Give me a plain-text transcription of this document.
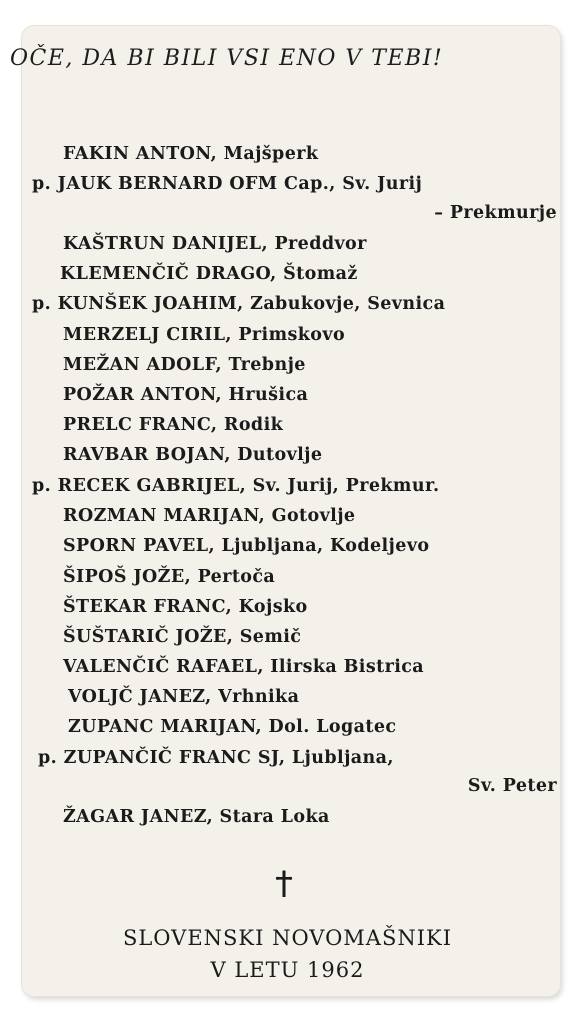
OČE, DA BI BILI VSI ENO V TEBI!
FAKIN ANTON, Majšperk
p. JAUK BERNARD OFM Cap., Sv. Jurij
– Prekmurje
KAŠTRUN DANIJEL, Preddvor
KLEMENČIČ DRAGO, Štomaž
p. KUNŠEK JOAHIM, Zabukovje, Sevnica
MERZELJ CIRIL, Primskovo
MEŽAN ADOLF, Trebnje
POŽAR ANTON, Hrušica
PRELC FRANC, Rodik
RAVBAR BOJAN, Dutovlje
p. RECEK GABRIJEL, Sv. Jurij, Prekmur.
ROZMAN MARIJAN, Gotovlje
SPORN PAVEL, Ljubljana, Kodeljevo
ŠIPOŠ JOŽE, Pertoča
ŠTEKAR FRANC, Kojsko
ŠUŠTARIČ JOŽE, Semič
VALENČIČ RAFAEL, Ilirska Bistrica
VOLJČ JANEZ, Vrhnika
ZUPANC MARIJAN, Dol. Logatec
p. ZUPANČIČ FRANC SJ, Ljubljana,
Sv. Peter
ŽAGAR JANEZ, Stara Loka
SLOVENSKI NOVOMAŠNIKI
V LETU 1962
